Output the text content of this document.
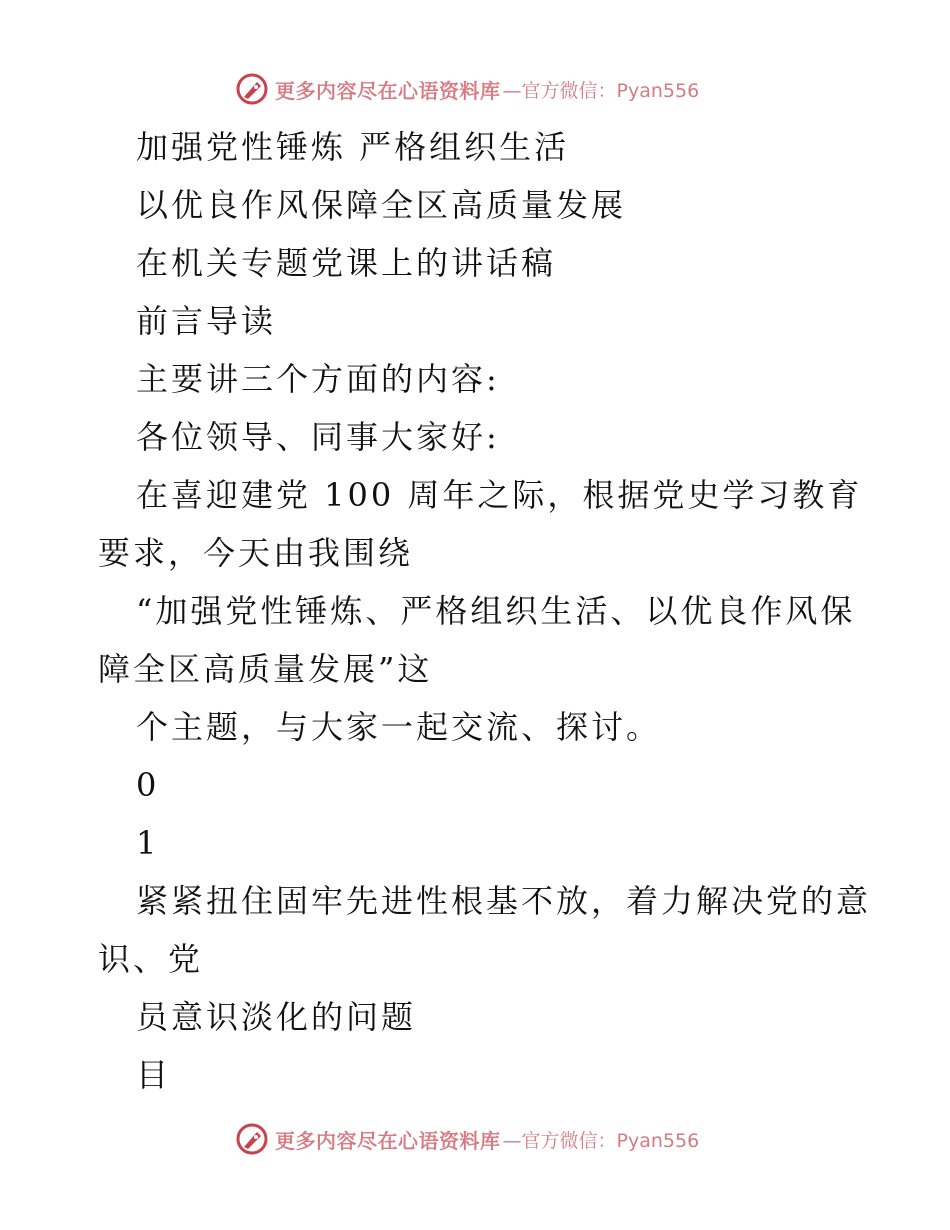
更多内容尽在心语资料库 —官方微信：Pyan556
加强党性锤炼 严格组织生活
以优良作风保障全区高质量发展
在机关专题党课上的讲话稿
前言导读
主要讲三个方面的内容:
各位领导、同事大家好:
在喜迎建党 100 周年之际，根据党史学习教育
要求，今天由我围绕
“加强党性锤炼、严格组织生活、以优良作风保
障全区高质量发展”这
个主题，与大家一起交流、探讨。
0
1
紧紧扭住固牢先进性根基不放，着力解决党的意
识、党
员意识淡化的问题
目
更多内容尽在心语资料库 —官方微信：Pyan556
